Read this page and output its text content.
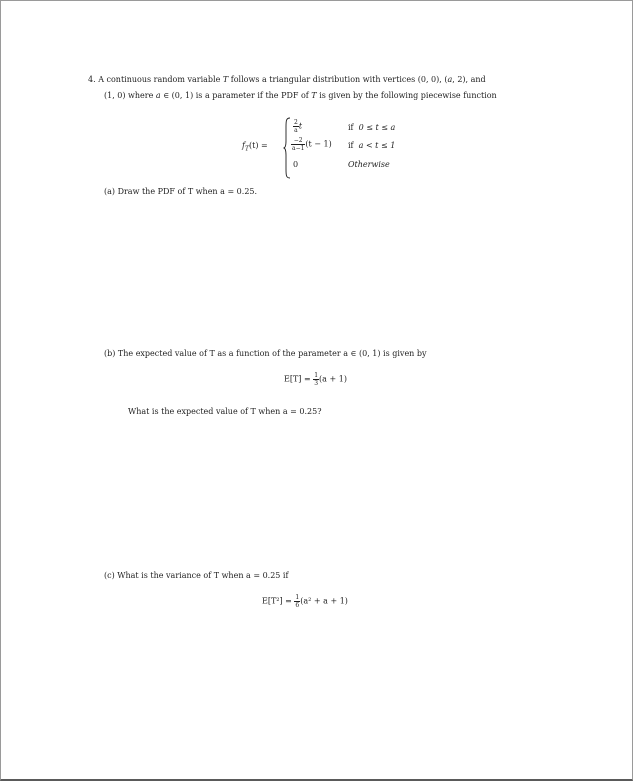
4. A continuous random variable T follows a triangular distribution with vertices (0, 0), (a, 2), and
(1, 0) where a ∈ (0, 1) is a parameter if the PDF of T is given by the following piecewise function
$f_T(t)$ =
$\frac{2}{a}$ t	if 0 ≤ t ≤ a
$\frac{-2}{a-1} (t - 1)$ if a < t ≤ 1
0	Otherwise
(a) Draw the PDF of T when a = 0.25.
(b) The expected value of T as a function of the parameter a ∈ (0, 1) is given by
$E[T] = \frac{1}{3} (a + 1)$
What is the expected value of T when a = 0.25?
(c) What is the variance of T when a = 0.25 if
$E[T^2] = \frac{1}{6} (a^2 + a + 1)$
